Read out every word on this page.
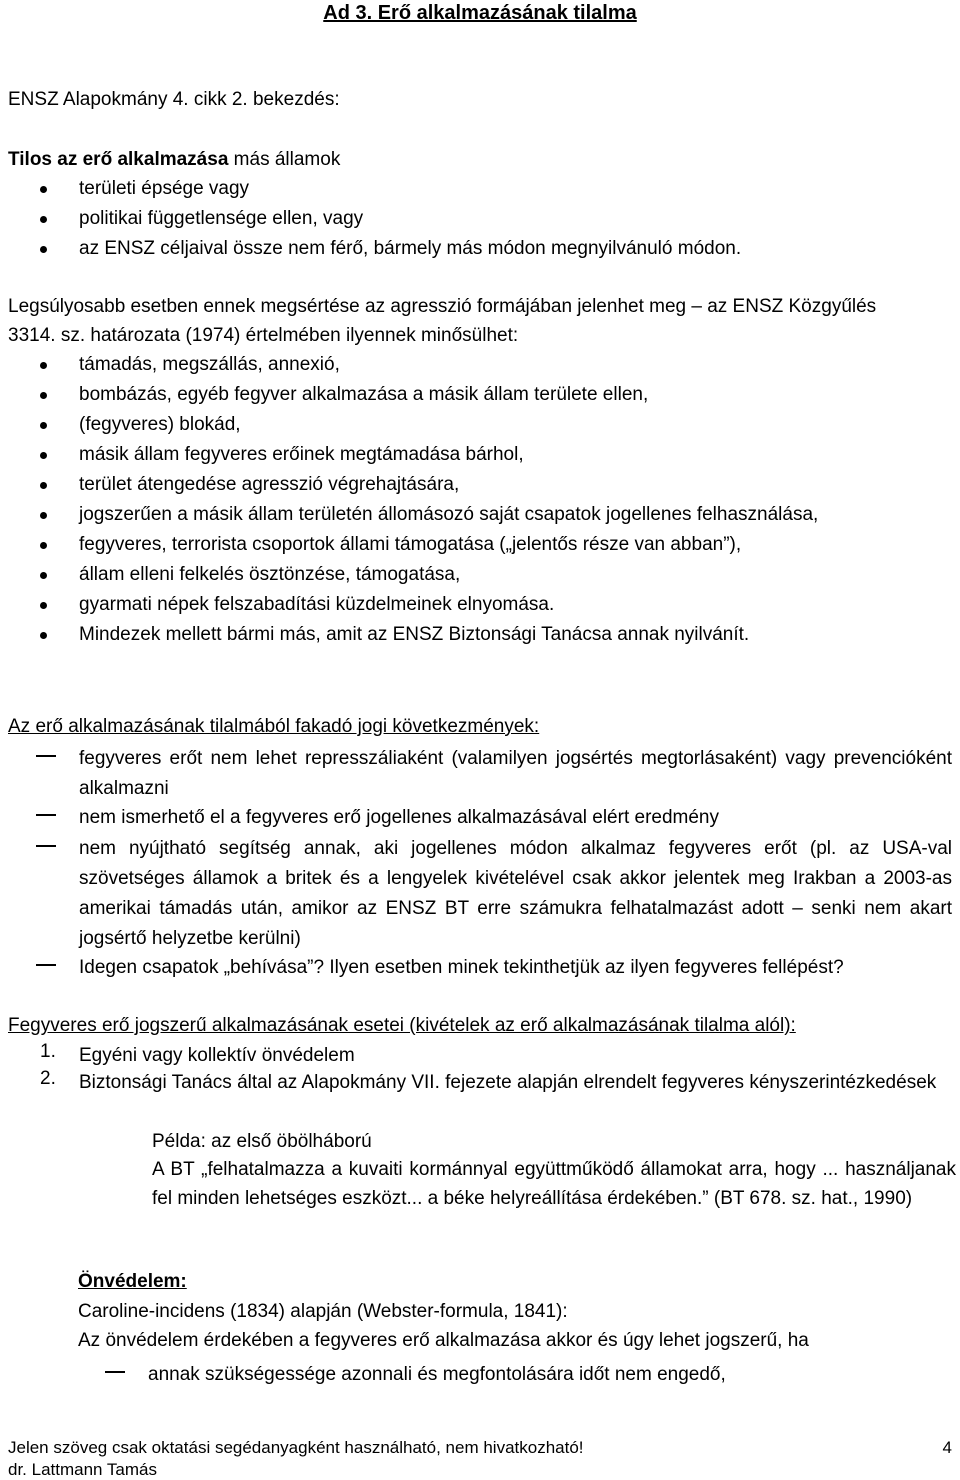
Ad 3. Erő alkalmazásának tilalma
ENSZ Alapokmány 4. cikk 2. bekezdés:
Tilos az erő alkalmazása más államok
területi épsége vagy
politikai függetlensége ellen, vagy
az ENSZ céljaival össze nem férő, bármely más módon megnyilvánuló módon.
Legsúlyosabb esetben ennek megsértése az agresszió formájában jelenhet meg – az ENSZ Közgyűlés
3314. sz. határozata (1974) értelmében ilyennek minősülhet:
támadás, megszállás, annexió,
bombázás, egyéb fegyver alkalmazása a másik állam területe ellen,
(fegyveres) blokád,
másik állam fegyveres erőinek megtámadása bárhol,
terület átengedése agresszió végrehajtására,
jogszerűen a másik állam területén állomásozó saját csapatok jogellenes felhasználása,
fegyveres, terrorista csoportok állami támogatása („jelentős része van abban”),
állam elleni felkelés ösztönzése, támogatása,
gyarmati népek felszabadítási küzdelmeinek elnyomása.
Mindezek mellett bármi más, amit az ENSZ Biztonsági Tanácsa annak nyilvánít.
Az erő alkalmazásának tilalmából fakadó jogi következmények:
fegyveres erőt nem lehet represszáliaként (valamilyen jogsértés megtorlásaként) vagy prevencióként alkalmazni
nem ismerhető el a fegyveres erő jogellenes alkalmazásával elért eredmény
nem nyújtható segítség annak, aki jogellenes módon alkalmaz fegyveres erőt (pl. az USA-val szövetséges államok a britek és a lengyelek kivételével csak akkor jelentek meg Irakban a 2003-as amerikai támadás után, amikor az ENSZ BT erre számukra felhatalmazást adott – senki nem akart jogsértő helyzetbe kerülni)
Idegen csapatok „behívása”? Ilyen esetben minek tekinthetjük az ilyen fegyveres fellépést?
Fegyveres erő jogszerű alkalmazásának esetei (kivételek az erő alkalmazásának tilalma alól):
1. Egyéni vagy kollektív önvédelem
2. Biztonsági Tanács által az Alapokmány VII. fejezete alapján elrendelt fegyveres kényszerintézkedések
Példa: az első öbölháború
A BT „felhatalmazza a kuvaiti kormánnyal együttműködő államokat arra, hogy ... használjanak fel minden lehetséges eszközt... a béke helyreállítása érdekében.” (BT 678. sz. hat., 1990)
Önvédelem:
Caroline-incidens (1834) alapján (Webster-formula, 1841):
Az önvédelem érdekében a fegyveres erő alkalmazása akkor és úgy lehet jogszerű, ha
annak szükségessége azonnali és megfontolására időt nem engedő,
Jelen szöveg csak oktatási segédanyagként használható, nem hivatkozható!	4
dr. Lattmann Tamás
